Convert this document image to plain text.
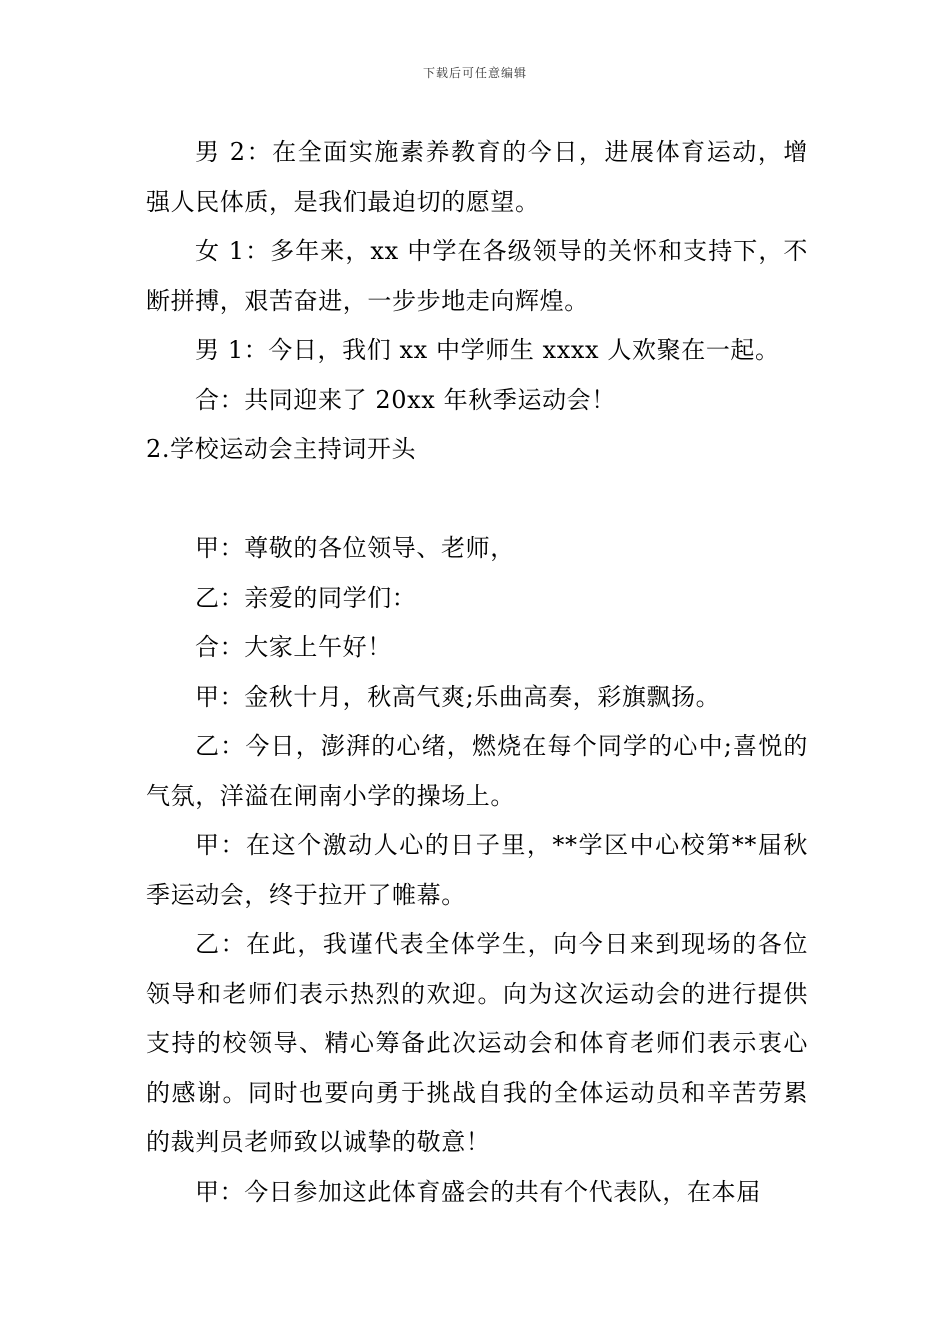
下载后可任意编辑

男 2：在全面实施素养教育的今日，进展体育运动，增强人民体质，是我们最迫切的愿望。

女 1：多年来，xx 中学在各级领导的关怀和支持下，不断拼搏，艰苦奋进，一步步地走向辉煌。

男 1：今日，我们 xx 中学师生 xxxx 人欢聚在一起。

合：共同迎来了 20xx 年秋季运动会！

2.学校运动会主持词开头

甲：尊敬的各位领导、老师，

乙：亲爱的同学们：

合：大家上午好！

甲：金秋十月，秋高气爽;乐曲高奏，彩旗飘扬。

乙：今日，澎湃的心绪，燃烧在每个同学的心中;喜悦的气氛，洋溢在闸南小学的操场上。

甲：在这个激动人心的日子里，**学区中心校第**届秋季运动会，终于拉开了帷幕。

乙：在此，我谨代表全体学生，向今日来到现场的各位领导和老师们表示热烈的欢迎。向为这次运动会的进行提供支持的校领导、精心筹备此次运动会和体育老师们表示衷心的感谢。同时也要向勇于挑战自我的全体运动员和辛苦劳累的裁判员老师致以诚挚的敬意！

甲：今日参加这此体育盛会的共有个代表队，在本届
